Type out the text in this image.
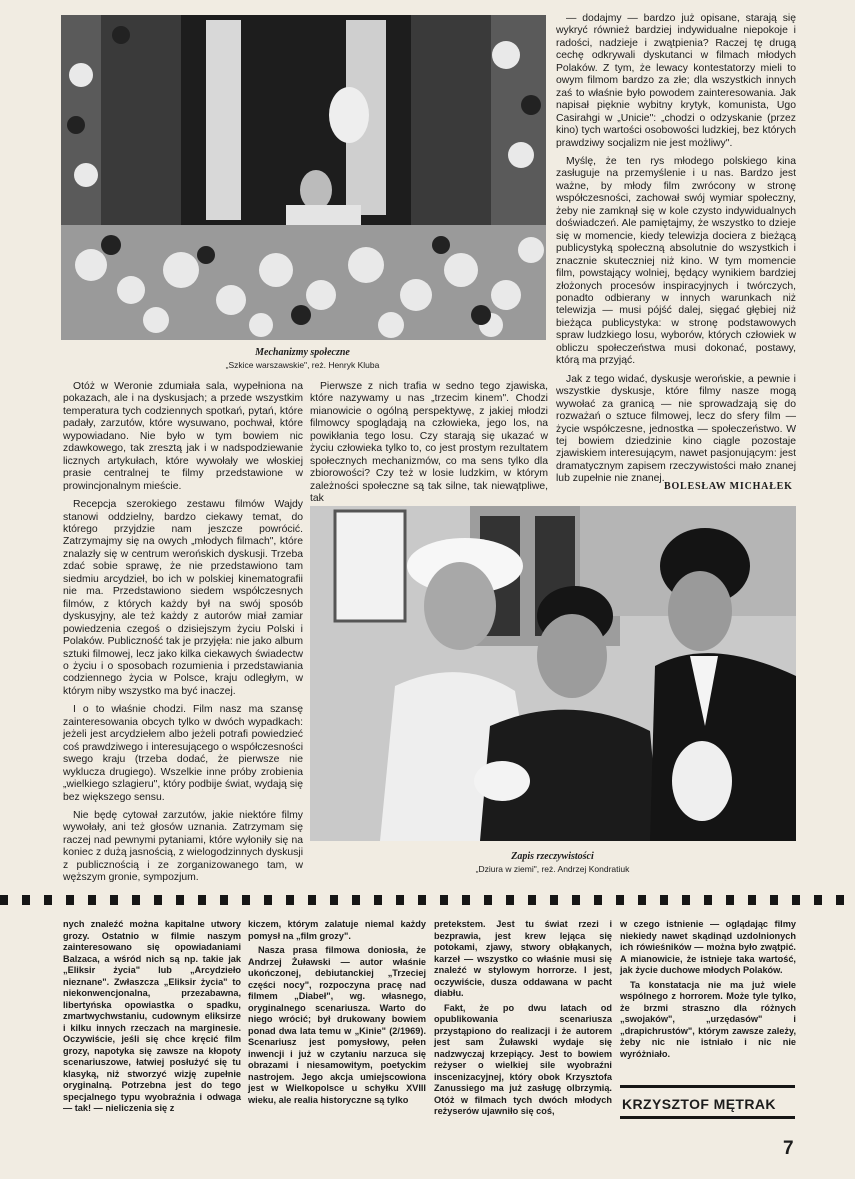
Mechanizmy społeczne
„Szkice warszawskie", reż. Henryk Kluba

Otóż w Weronie zdumiała sala, wypełniona na pokazach, ale i na dyskusjach; a przede wszystkim temperatura tych codziennych spotkań, pytań, które padały, zarzutów, które wysuwano, pochwał, które wypowiadano. Nie było w tym bowiem nic zdawkowego, tak zresztą jak i w nadspodziewanie licznych artykułach, które wywołały we włoskiej prasie centralnej te filmy przedstawione w prowincjonalnym mieście.

Recepcja szerokiego zestawu filmów Wajdy stanowi oddzielny, bardzo ciekawy temat, do którego przyjdzie nam jeszcze powrócić. Zatrzymajmy się na owych „młodych filmach", które znalazły się w centrum werońskich dyskusji. Trzeba zdać sobie sprawę, że nie przedstawiono tam siedmiu arcydzieł, bo ich w polskiej kinematografii nie ma. Przedstawiono siedem współczesnych filmów, z których każdy był na swój sposób dyskusyjny, ale też każdy z autorów miał zamiar powiedzenia czegoś o dzisiejszym życiu Polski i Polaków. Publiczność tak je przyjęła: nie jako album sztuki filmowej, lecz jako kilka ciekawych świadectw o życiu i o sposobach rozumienia i przedstawiania codziennego życia w Polsce, kraju odległym, w którym niby wszystko ma być inaczej.

I o to właśnie chodzi. Film nasz ma szansę zainteresowania obcych tylko w dwóch wypadkach: jeżeli jest arcydziełem albo jeżeli potrafi powiedzieć coś prawdziwego i interesującego o współczesności swego kraju (trzeba dodać, że pierwsze nie wyklucza drugiego). Wszelkie inne próby zrobienia „wielkiego szlagieru", który podbije świat, wydają się bez większego sensu.

Nie będę cytował zarzutów, jakie niektóre filmy wywołały, ani też głosów uznania. Zatrzymam się raczej nad pewnymi pytaniami, które wyłoniły się na koniec z dużą jasnością, z wielogodzinnych dyskusji z publicznością i ze zorganizowanego tam, w węższym gronie, sympozjum.

Pierwsze z nich trafia w sedno tego zjawiska, które nazywamy u nas „trzecim kinem". Chodzi mianowicie o ogólną perspektywę, z jakiej młodzi filmowcy spoglądają na człowieka, jego los, na powikłania tego losu. Czy starają się ukazać w życiu człowieka tylko to, co jest prostym rezultatem społecznych mechanizmów, co ma sens tylko dla zbiorowości? Czy też w losie ludzkim, w którym zależności społeczne są tak silne, tak niewątpliwe, tak

— dodajmy — bardzo już opisane, starają się wykryć również bardziej indywidualne niepokoje i radości, nadzieje i zwątpienia? Raczej tę drugą cechę odkrywali dyskutanci w filmach młodych Polaków. Z tym, że lewacy kontestatorzy mieli to owym filmom bardzo za złe; dla wszystkich innych zaś to właśnie było powodem zainteresowania. Jak napisał pięknie wybitny krytyk, komunista, Ugo Casirahgi w „Unicie": „chodzi o odzyskanie (przez kino) tych wartości osobowości ludzkiej, bez których prawdziwy socjalizm nie jest możliwy".

Myślę, że ten rys młodego polskiego kina zasługuje na przemyślenie i u nas. Bardzo jest ważne, by młody film zwrócony w stronę współczesności, zachował swój wymiar społeczny, żeby nie zamknął się w kole czysto indywidualnych doświadczeń. Ale pamiętajmy, że wszystko to dzieje się w momencie, kiedy telewizja dociera z bieżącą publicystyką społeczną absolutnie do wszystkich i znacznie skuteczniej niż kino. W tym momencie film, powstający wolniej, będący wynikiem bardziej złożonych procesów inspiracyjnych i twórczych, ponadto odbierany w innych warunkach niż telewizja — musi pójść dalej, sięgać głębiej niż bieżąca publicystyka: w stronę podstawowych spraw ludzkiego losu, wyborów, których człowiek w obliczu społeczeństwa musi dokonać, postawy, którą ma przyjąć.

Jak z tego widać, dyskusje werońskie, a pewnie i wszystkie dyskusje, które filmy nasze mogą wywołać za granicą — nie sprowadzają się do rozważań o sztuce filmowej, lecz do sfery film — życie współczesne, jednostka — społeczeństwo. W tej bowiem dziedzinie kino ciągle pozostaje zjawiskiem interesującym, nawet pasjonującym: jest dramatycznym zapisem rzeczywistości mało znanej lub zupełnie nie znanej.

BOLESŁAW MICHAŁEK
Zapis rzeczywistości
„Dziura w ziemi", reż. Andrzej Kondratiuk

nych znaleźć można kapitalne utwory grozy. Ostatnio w filmie naszym zainteresowano się opowiadaniami Balzaca, a wśród nich są np. takie jak „Eliksir życia" lub „Arcydzieło nieznane". Zwłaszcza „Eliksir życia" to niekonwencjonalna, przezabawna, libertyńska opowiastka o spadku, zmartwychwstaniu, cudownym eliksirze i kilku innych rzeczach na marginesie. Oczywiście, jeśli się chce kręcić film grozy, napotyka się zawsze na kłopoty scenariuszowe, łatwiej posłużyć się tu klasyką, niż stworzyć wizję zupełnie oryginalną. Potrzebna jest do tego specjalnego typu wyobraźnia i odwaga — tak! — nieliczenia się z

kiczem, którym zalatuje niemal każdy pomysł na „film grozy".

Nasza prasa filmowa doniosła, że Andrzej Żuławski — autor właśnie ukończonej, debiutanckiej „Trzeciej części nocy", rozpoczyna pracę nad filmem „Diabeł", wg. własnego, oryginalnego scenariusza. Warto do niego wrócić; był drukowany bowiem ponad dwa lata temu w „Kinie" (2/1969). Scenariusz jest pomysłowy, pełen inwencji i już w czytaniu narzuca się obrazami i niesamowitym, poetyckim nastrojem. Jego akcja umiejscowiona jest w Wielkopolsce u schyłku XVIII wieku, ale realia historyczne są tylko

pretekstem. Jest tu świat rzezi i bezprawia, jest krew lejąca się potokami, zjawy, stwory obłąkanych, karzeł — wszystko co właśnie musi się znaleźć w stylowym horrorze. I jest, oczywiście, dusza oddawana w pacht diabłu.

Fakt, że po dwu latach od opublikowania scenariusza przystąpiono do realizacji i że autorem jest sam Żuławski wydaje się nadzwyczaj krzepiący. Jest to bowiem reżyser o wielkiej sile wyobraźni inscenizacyjnej, który obok Krzysztofa Zanussiego ma już zasługę olbrzymią. Otóż w filmach tych dwóch młodych reżyserów ujawniło się coś,

w czego istnienie — oglądając filmy niekiedy nawet skądinąd uzdolnionych ich rówieśników — można było zwątpić. A mianowicie, że istnieje taka wartość, jak życie duchowe młodych Polaków.

Ta konstatacja nie ma już wiele wspólnego z horrorem. Może tyle tylko, że brzmi straszno dla różnych „swojaków", „urzędasów" i „drapichrustów", którym zawsze zależy, żeby nic nie istniało i nic nie wyróżniało.

KRZYSZTOF MĘTRAK
7
